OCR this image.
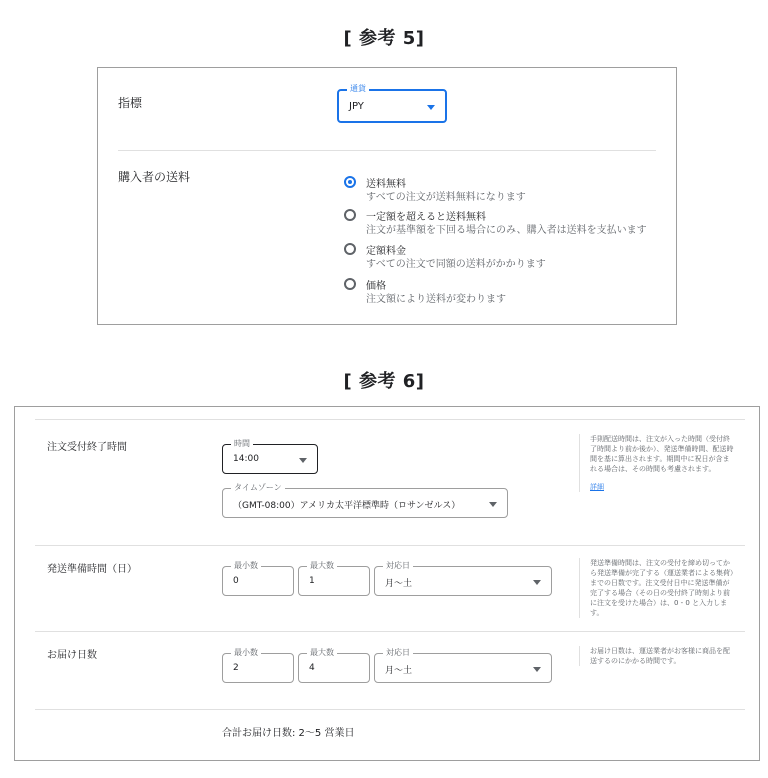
[ 参考 5]
指標
通貨
JPY
購入者の送料
送料無料
すべての注文が送料無料になります
一定額を超えると送料無料
注文が基準額を下回る場合にのみ、購入者は送料を支払います
定額料金
すべての注文で同額の送料がかかります
価格
注文額により送料が変わります
[ 参考 6]
注文受付終了時間	時間
14:00
タイムゾーン
（GMT-08:00）アメリカ太平洋標準時（ロサンゼルス）
手則配送時間は、注文が入った時間（受付終了時間より前か後か）、発送準備時間、配送時間を基に算出されます。期間中に祝日が含まれる場合は、その時間も考慮されます。
詳細
発送準備時間（日）	最小数
0
最大数
1
対応日
月〜土
発送準備時間は、注文の受付を締め切ってから発送準備が完了する（運送業者による集荷）までの日数です。注文受付日中に発送準備が完了する場合（その日の受付終了時刻より前に注文を受けた場合）は、0 - 0 と入力します。
お届け日数	最小数
2
最大数
4
対応日
月〜土
お届け日数は、運送業者がお客様に商品を配送するのにかかる時間です。
合計お届け日数: 2〜5 営業日
